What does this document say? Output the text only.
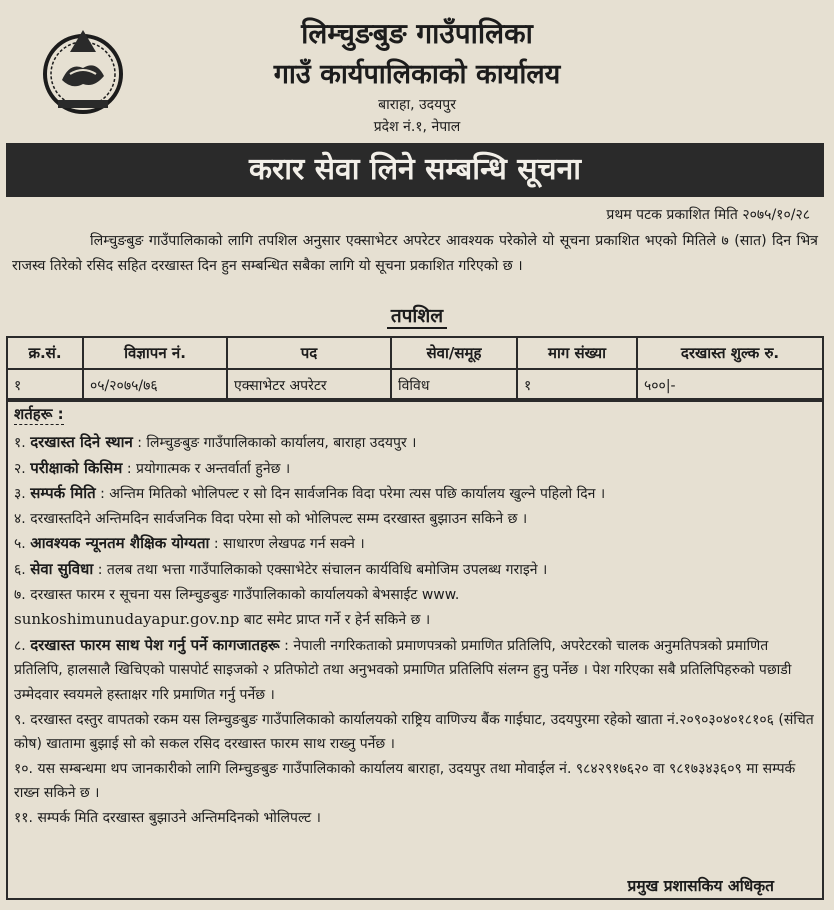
लिम्चुङबुङ गाउँपालिका
गाउँ कार्यपालिकाको कार्यालय
बाराहा, उदयपुर
प्रदेश नं.१, नेपाल
करार सेवा लिने सम्बन्धि सूचना
प्रथम पटक प्रकाशित मिति २०७५/१०/२८
लिम्चुङबुङ गाउँपालिकाको लागि तपशिल अनुसार एक्साभेटर अपरेटर आवश्यक परेकोले यो सूचना प्रकाशित भएको मितिले ७ (सात) दिन भित्र राजस्व तिरेको रसिद सहित दरखास्त दिन हुन सम्बन्धित सबैका लागि यो सूचना प्रकाशित गरिएको छ ।
तपशिल
क्र.सं.	विज्ञापन नं.	पद	सेवा/समूह	माग संख्या	दरखास्त शुल्क रु.
१	०५/२०७५/७६	एक्साभेटर अपरेटर	विविध	१	५००|-
शर्तहरू :

१. दरखास्त दिने स्थान : लिम्चुङबुङ गाउँपालिकाको कार्यालय, बाराहा उदयपुर ।

२. परीक्षाको किसिम : प्रयोगात्मक र अन्तर्वार्ता हुनेछ ।

३. सम्पर्क मिति : अन्तिम मितिको भोलिपल्ट र सो दिन सार्वजनिक विदा परेमा त्यस पछि कार्यालय खुल्ने पहिलो दिन ।

४. दरखास्तदिने अन्तिमदिन सार्वजनिक विदा परेमा सो को भोलिपल्ट सम्म दरखास्त बुझाउन सकिने छ ।

५. आवश्यक न्यूनतम शैक्षिक योग्यता : साधारण लेखपढ गर्न सक्ने ।

६. सेवा सुविधा : तलब तथा भत्ता गाउँपालिकाको एक्साभेटेर संचालन कार्यविधि बमोजिम उपलब्ध गराइने ।

७. दरखास्त फारम र सूचना यस लिम्चुङबुङ गाउँपालिकाको कार्यालयको बेभसाईट www.
sunkoshimunudayapur.gov.np बाट समेट प्राप्त गर्ने र हेर्न सकिने छ ।

८. दरखास्त फारम साथ पेश गर्नु पर्ने कागजातहरू : नेपाली नगरिकताको प्रमाणपत्रको प्रमाणित प्रतिलिपि, अपरेटरको चालक अनुमतिपत्रको प्रमाणित प्रतिलिपि, हालसालै खिचिएको पासपोर्ट साइजको २ प्रतिफोटो तथा अनुभवको प्रमाणित प्रतिलिपि संलग्न हुनु पर्नेछ । पेश गरिएका सबै प्रतिलिपिहरुको पछाडी उम्मेदवार स्वयमले हस्ताक्षर गरि प्रमाणित गर्नु पर्नेछ ।

९. दरखास्त दस्तुर वापतको रकम यस लिम्चुङबुङ गाउँपालिकाको कार्यालयको राष्ट्रिय वाणिज्य बैंक गाईघाट, उदयपुरमा रहेको खाता नं.२०९०३०४०१८१०६ (संचित कोष) खातामा बुझाई सो को सकल रसिद दरखास्त फारम साथ राख्नु पर्नेछ ।

१०. यस सम्बन्धमा थप जानकारीको लागि लिम्चुङबुङ गाउँपालिकाको कार्यालय बाराहा, उदयपुर तथा मोवाईल नं. ९८४२९१७६२० वा ९८१७३४३६०९ मा सम्पर्क राख्न सकिने छ ।

११. सम्पर्क मिति दरखास्त बुझाउने अन्तिमदिनको भोलिपल्ट ।

प्रमुख प्रशासकिय अधिकृत
